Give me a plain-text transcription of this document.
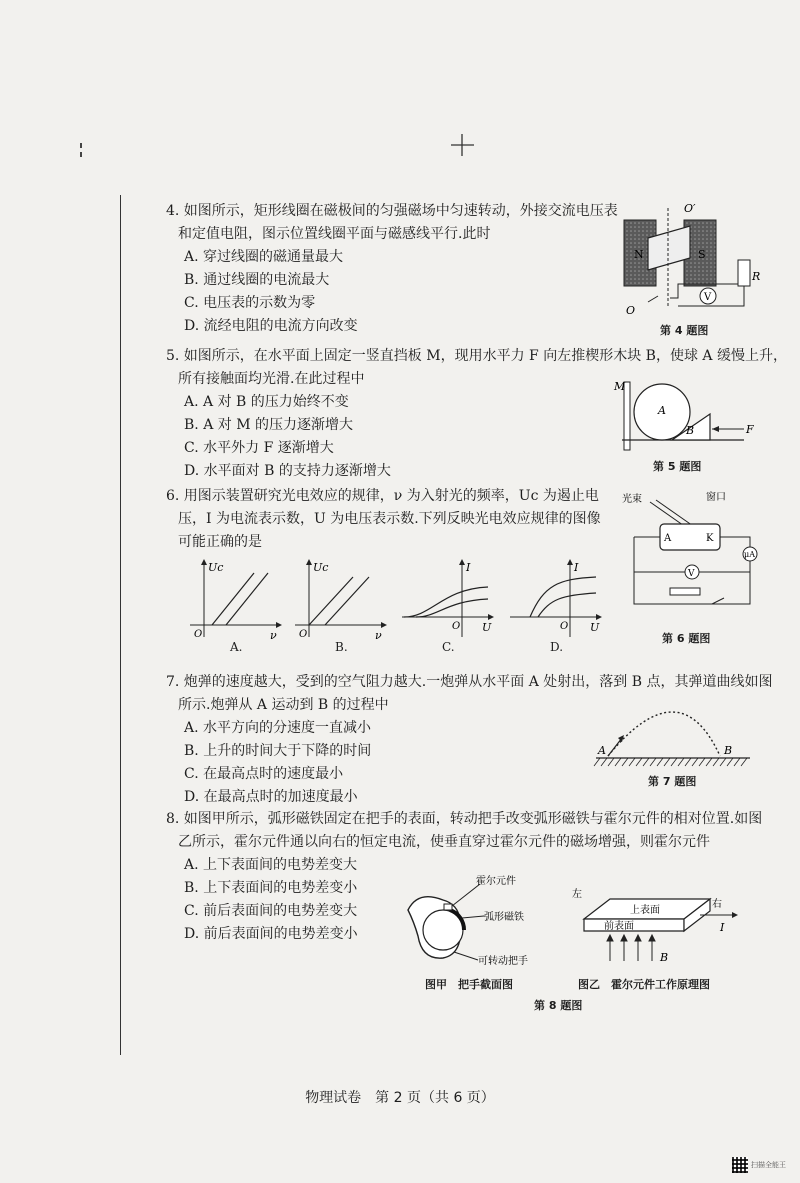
4. 如图所示，矩形线圈在磁极间的匀强磁场中匀速转动，外接交流电压表

和定值电阻，图示位置线圈平面与磁感线平行.此时

A. 穿过线圈的磁通量最大

B. 通过线圈的电流最大

C. 电压表的示数为零

D. 流经电阻的电流方向改变

N	S
O′
O
R
V
第 4 题图

5. 如图所示，在水平面上固定一竖直挡板 M，现用水平力 F 向左推楔形木块 B，使球 A 缓慢上升，

所有接触面均光滑.在此过程中

A. A 对 B 的压力始终不变

B. A 对 M 的压力逐渐增大

C. 水平外力 F 逐渐增大

D. 水平面对 B 的支持力逐渐增大

M
A
B	F
第 5 题图

6. 用图示装置研究光电效应的规律，ν 为入射光的频率，Uc 为遏止电

压，I 为电流表示数，U 为电压表示数.下列反映光电效应规律的图像

可能正确的是

Uc
ν
O
Uc
ν
O
I
U
O
I
U
O
A.	B.	C.	D.
光束	窗口
A	K
μA
V
第 6 题图

7. 炮弹的速度越大，受到的空气阻力越大.一炮弹从水平面 A 处射出，落到 B 点，其弹道曲线如图

所示.炮弹从 A 运动到 B 的过程中

A. 水平方向的分速度一直减小

B. 上升的时间大于下降的时间

C. 在最高点时的速度最小

D. 在最高点时的加速度最小

A	B
第 7 题图

8. 如图甲所示，弧形磁铁固定在把手的表面，转动把手改变弧形磁铁与霍尔元件的相对位置.如图

乙所示，霍尔元件通以向右的恒定电流，使垂直穿过霍尔元件的磁场增强，则霍尔元件

A. 上下表面间的电势差变大

B. 上下表面间的电势差变小

C. 前后表面间的电势差变大

D. 前后表面间的电势差变小

霍尔元件
弧形磁铁
可转动把手
图甲　把手截面图
左
右
上表面
前表面	I
B
图乙　霍尔元件工作原理图
第 8 题图
物理试卷　第 2 页（共 6 页）
扫描全能王
